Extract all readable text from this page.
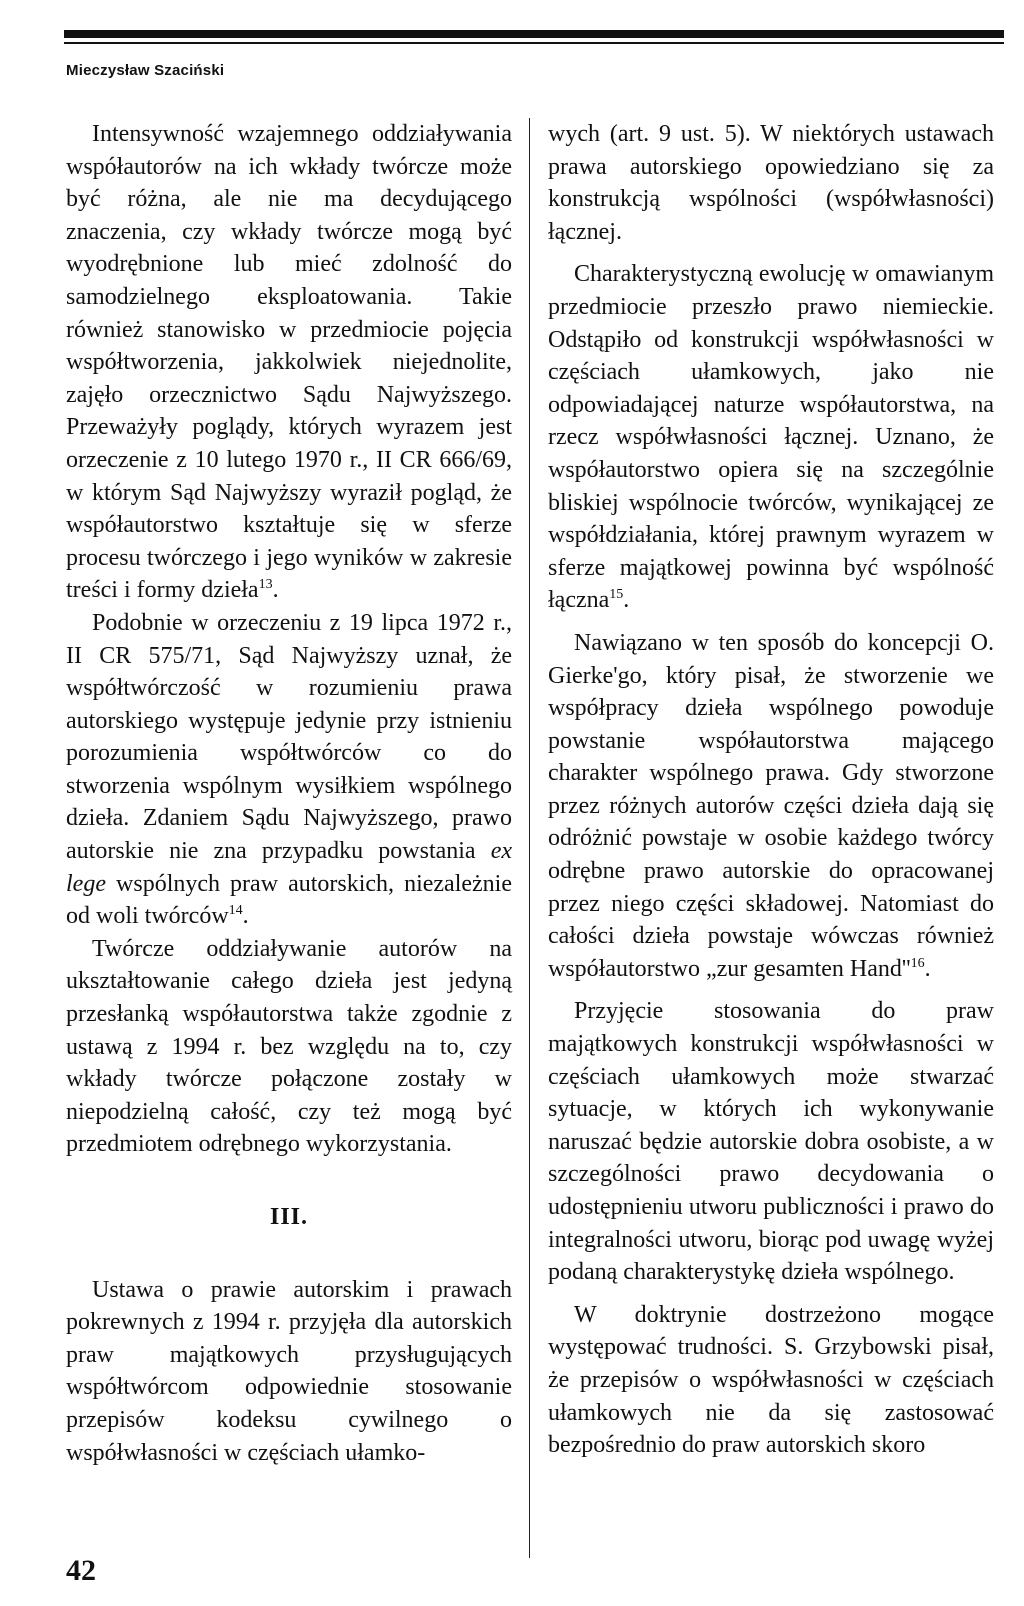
Mieczysław Szaciński

Intensywność wzajemnego oddziaływania współautorów na ich wkłady twórcze może być różna, ale nie ma decydującego znaczenia, czy wkłady twórcze mogą być wyodrębnione lub mieć zdolność do samodzielnego eksploatowania. Takie również stanowisko w przedmiocie pojęcia współtworzenia, jakkolwiek niejednolite, zajęło orzecznictwo Sądu Najwyższego. Przeważyły poglądy, których wyrazem jest orzeczenie z 10 lutego 1970 r., II CR 666/69, w którym Sąd Najwyższy wyraził pogląd, że współautorstwo kształtuje się w sferze procesu twórczego i jego wyników w zakresie treści i formy dzieła$^{13}$.

Podobnie w orzeczeniu z 19 lipca 1972 r., II CR 575/71, Sąd Najwyższy uznał, że współtwórczość w rozumieniu prawa autorskiego występuje jedynie przy istnieniu porozumienia współtwórców co do stworzenia wspólnym wysiłkiem wspólnego dzieła. Zdaniem Sądu Najwyższego, prawo autorskie nie zna przypadku powstania ex lege wspólnych praw autorskich, niezależnie od woli twórców$^{14}$.

Twórcze oddziaływanie autorów na ukształtowanie całego dzieła jest jedyną przesłanką współautorstwa także zgodnie z ustawą z 1994 r. bez względu na to, czy wkłady twórcze połączone zostały w niepodzielną całość, czy też mogą być przedmiotem odrębnego wykorzystania.

III.

Ustawa o prawie autorskim i prawach pokrewnych z 1994 r. przyjęła dla autorskich praw majątkowych przysługujących współtwórcom odpowiednie stosowanie przepisów kodeksu cywilnego o współwłasności w częściach ułamko-

wych (art. 9 ust. 5). W niektórych ustawach prawa autorskiego opowiedziano się za konstrukcją wspólności (współwłasności) łącznej.

Charakterystyczną ewolucję w omawianym przedmiocie przeszło prawo niemieckie. Odstąpiło od konstrukcji współwłasności w częściach ułamkowych, jako nie odpowiadającej naturze współautorstwa, na rzecz współwłasności łącznej. Uznano, że współautorstwo opiera się na szczególnie bliskiej wspólnocie twórców, wynikającej ze współdziałania, której prawnym wyrazem w sferze majątkowej powinna być wspólność łączna$^{15}$.

Nawiązano w ten sposób do koncepcji O. Gierke'go, który pisał, że stworzenie we współpracy dzieła wspólnego powoduje powstanie współautorstwa mającego charakter wspólnego prawa. Gdy stworzone przez różnych autorów części dzieła dają się odróżnić powstaje w osobie każdego twórcy odrębne prawo autorskie do opracowanej przez niego części składowej. Natomiast do całości dzieła powstaje wówczas również współautorstwo „zur gesamten $Hand''^{16}$.

Przyjęcie stosowania do praw majątkowych konstrukcji współwłasności w częściach ułamkowych może stwarzać sytuacje, w których ich wykonywanie naruszać będzie autorskie dobra osobiste, a w szczególności prawo decydowania o udostępnieniu utworu publiczności i prawo do integralności utworu, biorąc pod uwagę wyżej podaną charakterystykę dzieła wspólnego.

W doktrynie dostrzeżono mogące występować trudności. S. Grzybowski pisał, że przepisów o współwłasności w częściach ułamkowych nie da się zastosować bezpośrednio do praw autorskich skoro

42
